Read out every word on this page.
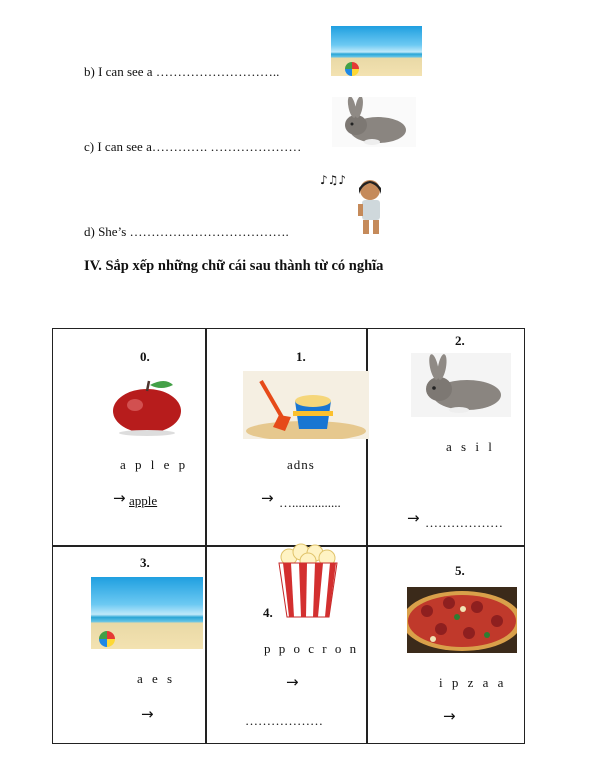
b) I can see a ………………………..
c) I can see a…………. …………………
♪♫♪
d) She’s ……………………………….
IV. Sắp xếp những chữ cái sau thành từ có nghĩa
0.
a p l e p
→ apple
1.
adns
→ …...............
2.
a s i l
→ ………………
3.
a e s
→
4.
p p o c r o n
→
………………
5.
i p z a a
→
